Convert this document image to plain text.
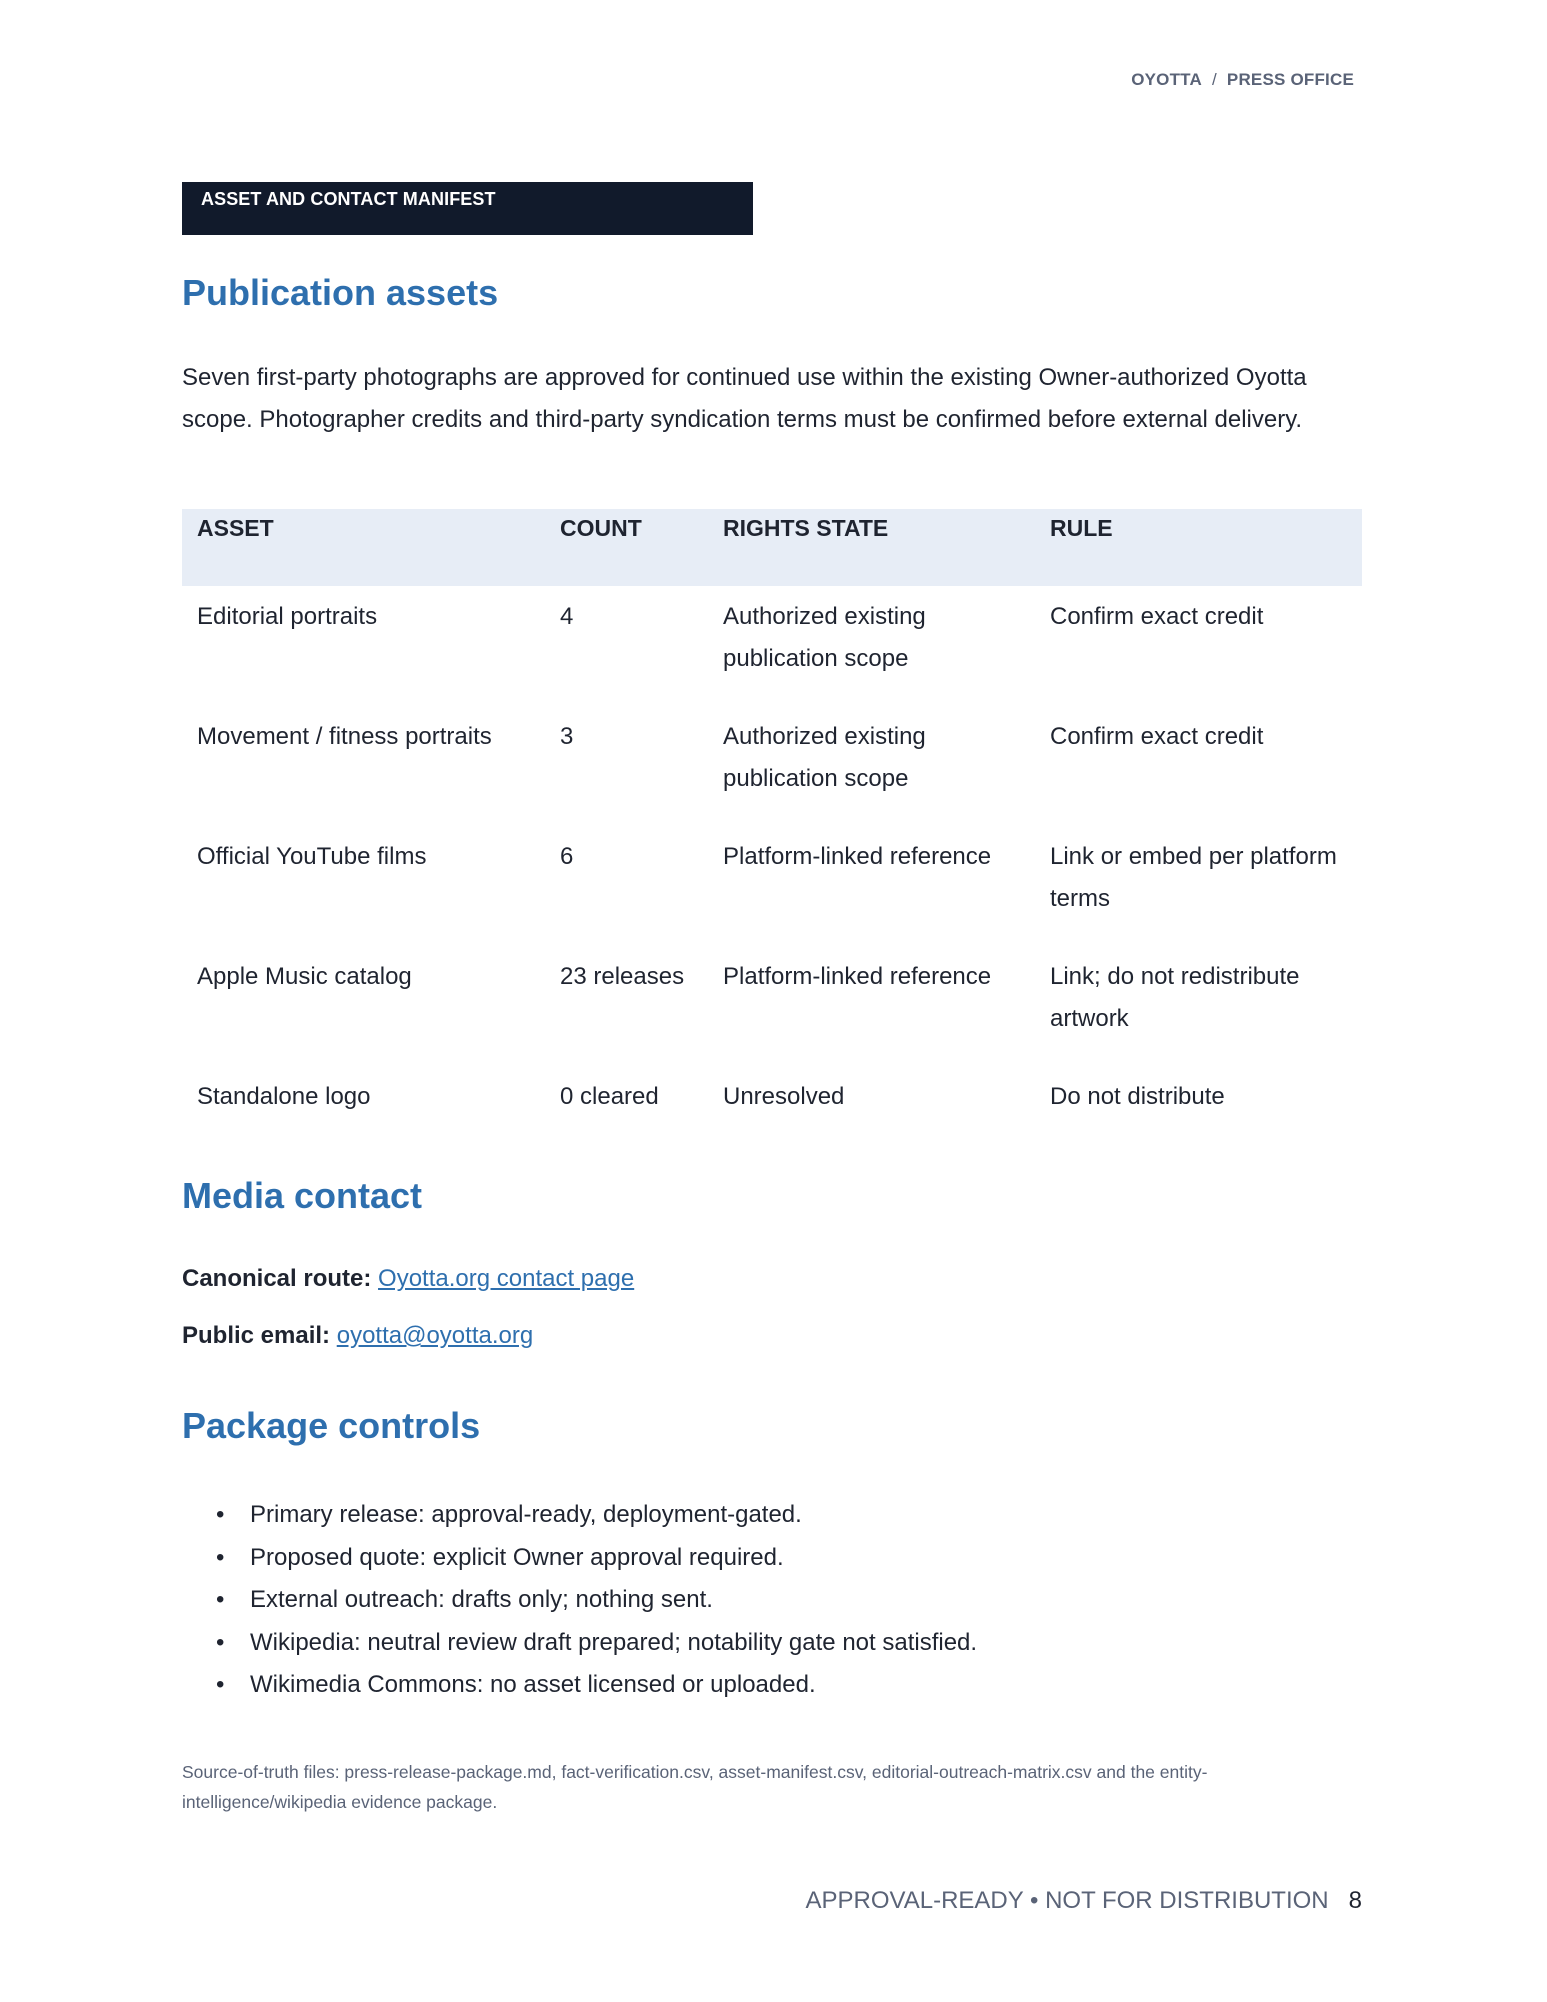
OYOTTA / PRESS OFFICE
ASSET AND CONTACT MANIFEST
Publication assets

Seven first-party photographs are approved for continued use within the existing Owner-authorized Oyotta scope. Photographer credits and third-party syndication terms must be confirmed before external delivery.

ASSET	COUNT	RIGHTS STATE	RULE
Editorial portraits	4	Authorized existing publication scope	Confirm exact credit
Movement / fitness portraits	3	Authorized existing publication scope	Confirm exact credit
Official YouTube films	6	Platform-linked reference	Link or embed per platform terms
Apple Music catalog	23 releases	Platform-linked reference	Link; do not redistribute artwork
Standalone logo	0 cleared	Unresolved	Do not distribute
Media contact

Canonical route: Oyotta.org contact page

Public email: oyotta@oyotta.org

Package controls
• Primary release: approval-ready, deployment-gated.
• Proposed quote: explicit Owner approval required.
• External outreach: drafts only; nothing sent.
• Wikipedia: neutral review draft prepared; notability gate not satisfied.
• Wikimedia Commons: no asset licensed or uploaded.

Source-of-truth files: press-release-package.md, fact-verification.csv, asset-manifest.csv, editorial-outreach-matrix.csv and the entity-intelligence/wikipedia evidence package.

APPROVAL-READY • NOT FOR DISTRIBUTION 8
